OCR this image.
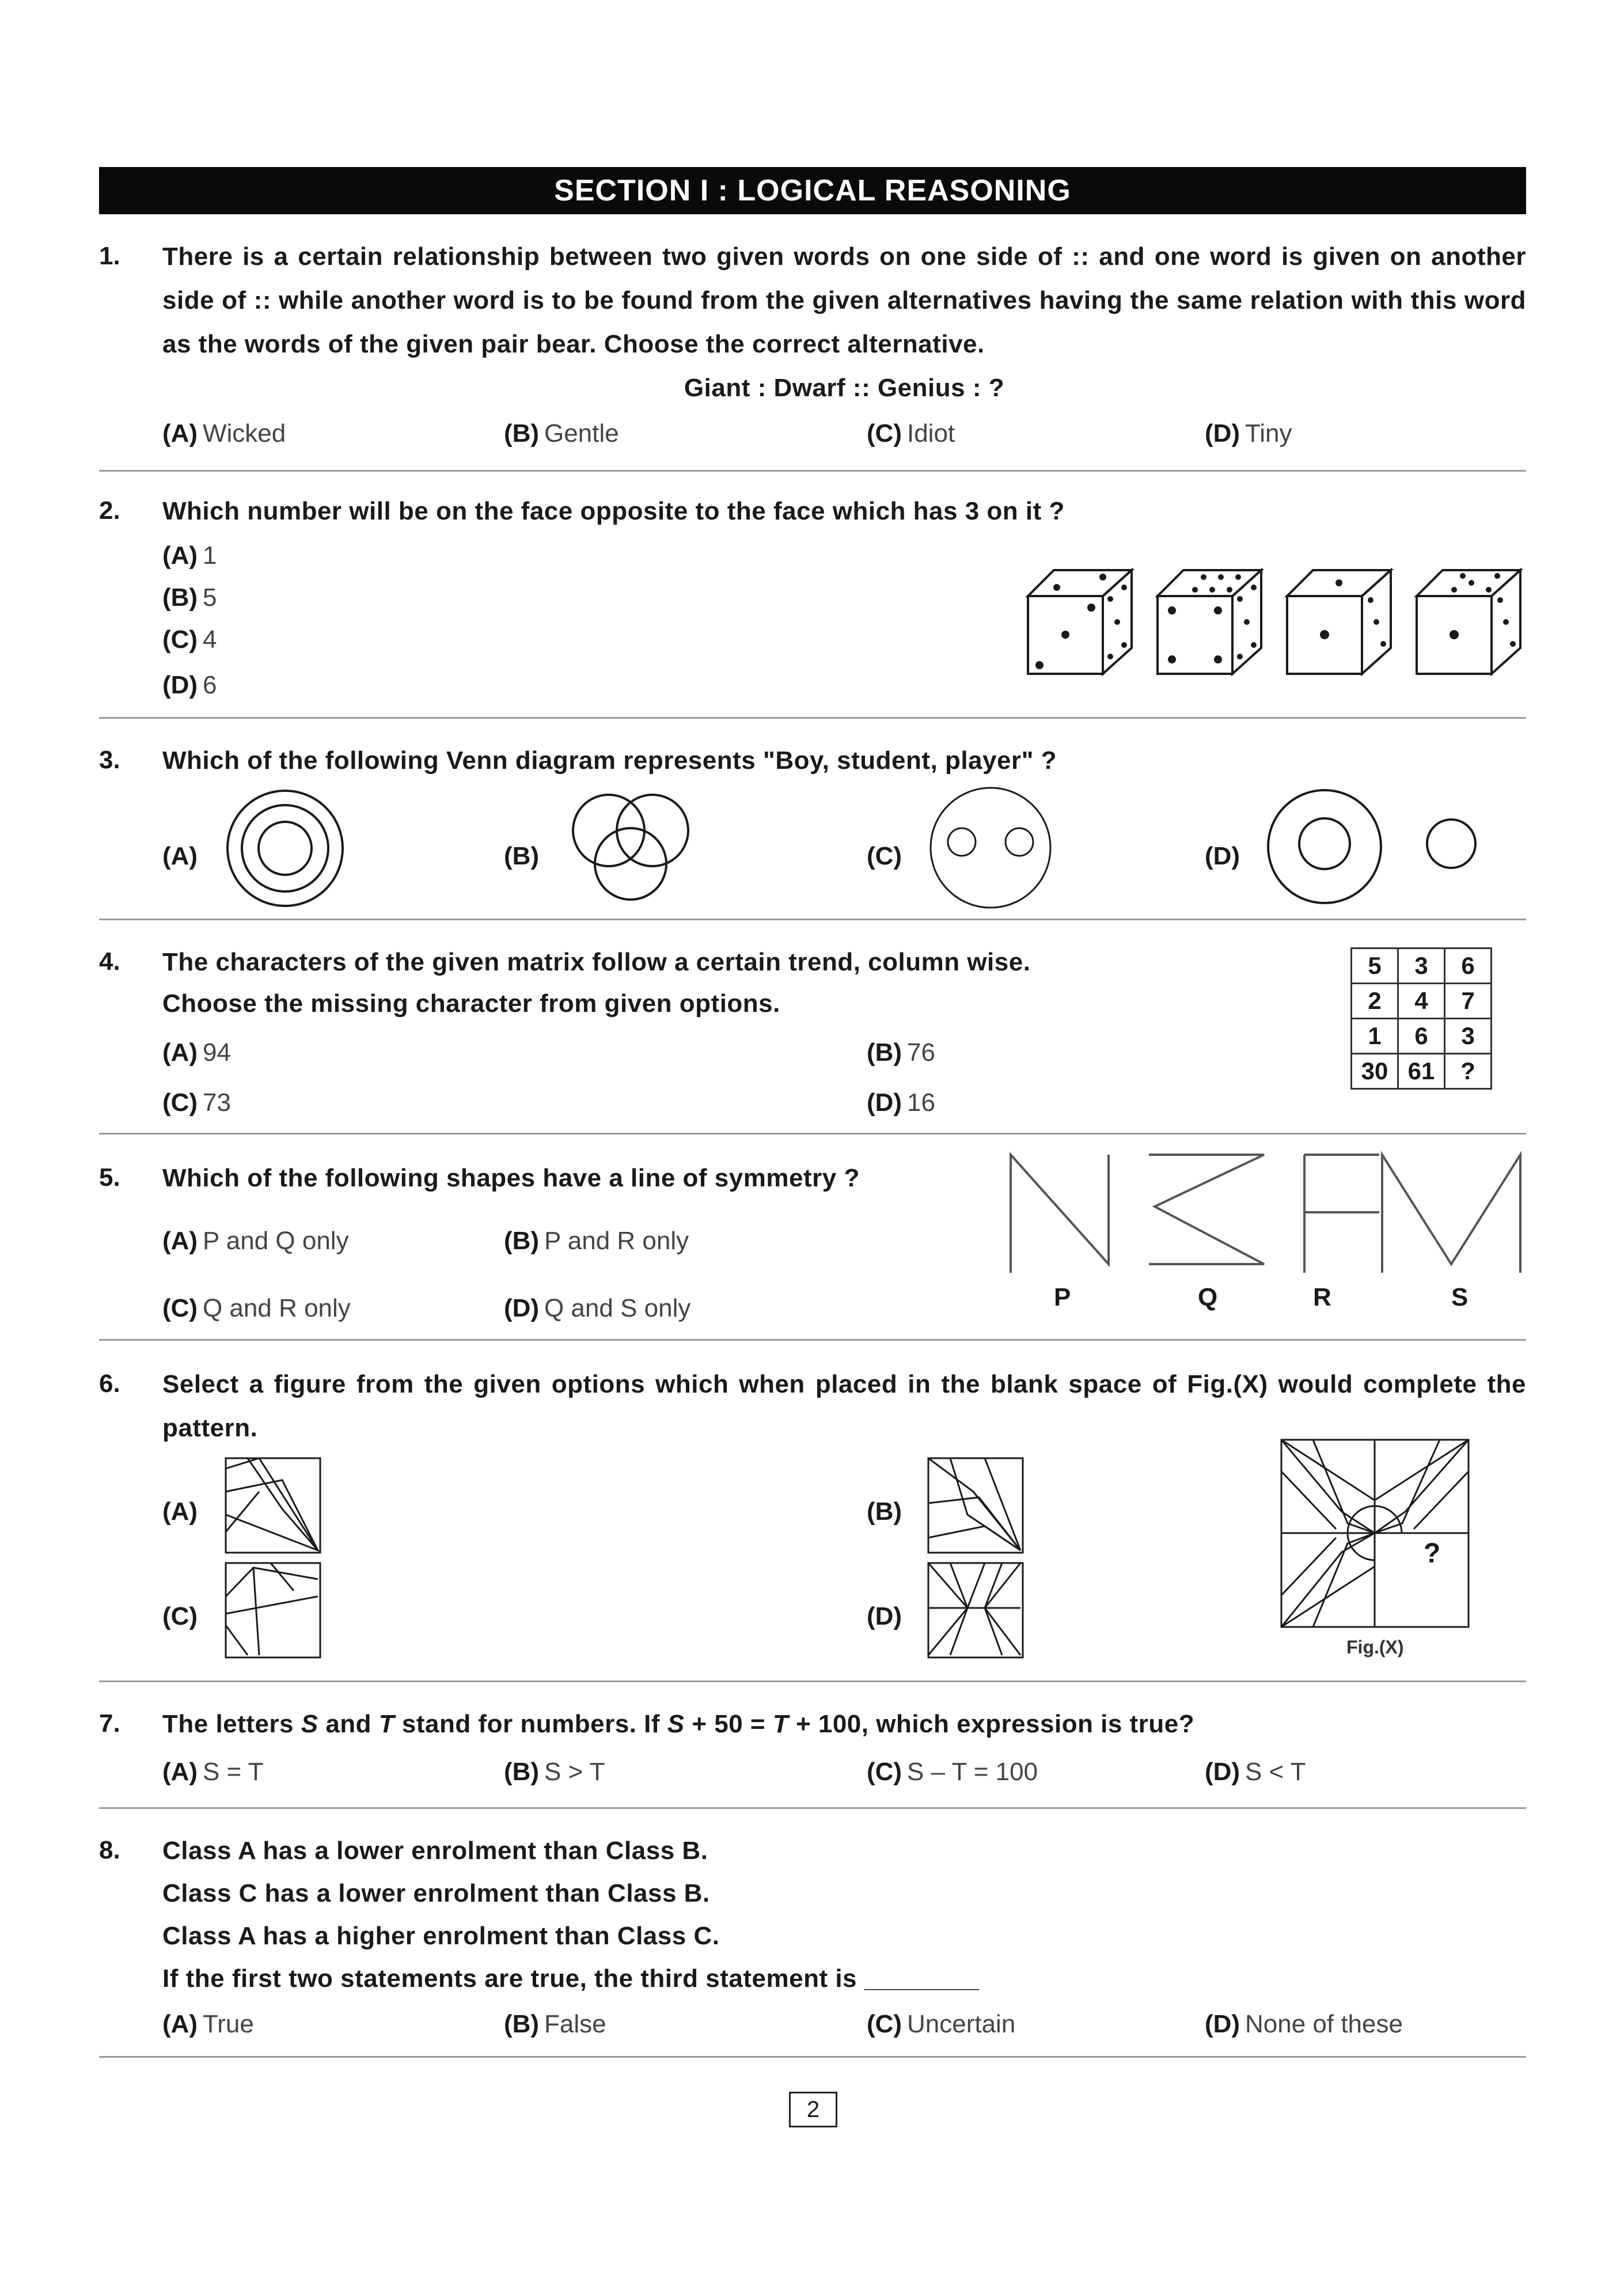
SECTION I : LOGICAL REASONING
1. There is a certain relationship between two given words on one side of :: and one word is given on another side of :: while another word is to be found from the given alternatives having the same relation with this word as the words of the given pair bear. Choose the correct alternative.
Giant : Dwarf :: Genius : ?
(A) Wicked	(B) Gentle	(C) Idiot	(D) Tiny
2. Which number will be on the face opposite to the face which has 3 on it ?
(A) 1
(B) 5
(C) 4
(D) 6
3. Which of the following Venn diagram represents "Boy, student, player" ?
(A)	(B)	(C)	(D)
4. The characters of the given matrix follow a certain trend, column wise.
Choose the missing character from given options.
(A) 94	(B) 76
(C) 73	(D) 16
5	3	6
2	4	7
1	6	3
30	61	?
5. Which of the following shapes have a line of symmetry ?
(A) P and Q only	(B) P and R only
(C) Q and R only	(D) Q and S only	P	Q	R	S
6. Select a figure from the given options which when placed in the blank space of Fig.(X) would complete the pattern.
(A)	(B)
(C)	(D)
?
Fig.(X)
7. The letters S and T stand for numbers. If S + 50 = T + 100, which expression is true?
(A) S = T	(B) S > T	(C) S – T = 100	(D) S < T
8. Class A has a lower enrolment than Class B.
Class C has a lower enrolment than Class B.
Class A has a higher enrolment than Class C.
If the first two statements are true, the third statement is ________
(A) True	(B) False	(C) Uncertain	(D) None of these
2
